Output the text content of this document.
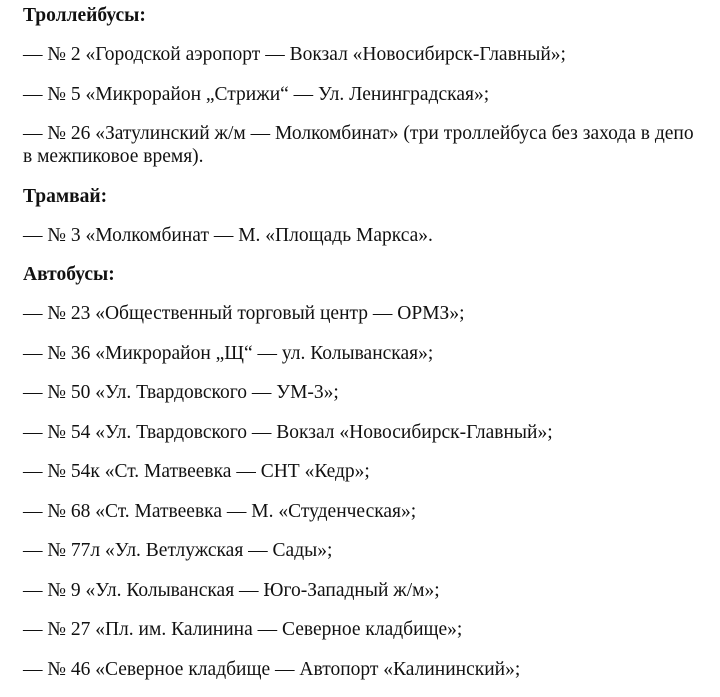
Троллейбусы:
— № 2 «Городской аэропорт — Вокзал «Новосибирск-Главный»;
— № 5 «Микрорайон „Стрижи“ — Ул. Ленинградская»;
— № 26 «Затулинский ж/м — Молкомбинат» (три троллейбуса без захода в депо в межпиковое время).
Трамвай:
— № 3 «Молкомбинат — М. «Площадь Маркса».
Автобусы:
— № 23 «Общественный торговый центр — ОРМЗ»;
— № 36 «Микрорайон „Щ“ — ул. Колыванская»;
— № 50 «Ул. Твардовского — УМ-3»;
— № 54 «Ул. Твардовского — Вокзал «Новосибирск-Главный»;
— № 54к «Ст. Матвеевка — СНТ «Кедр»;
— № 68 «Ст. Матвеевка — М. «Студенческая»;
— № 77л «Ул. Ветлужская — Сады»;
— № 9 «Ул. Колыванская — Юго-Западный ж/м»;
— № 27 «Пл. им. Калинина — Северное кладбище»;
— № 46 «Северное кладбище — Автопорт «Калининский»;
